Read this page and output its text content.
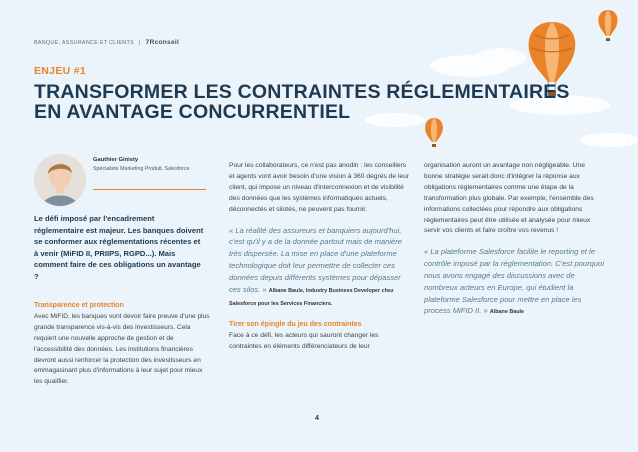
BANQUE, ASSURANCE ET CLIENTS | 7Rconseil
ENJEU #1
TRANSFORMER LES CONTRAINTES RÉGLEMENTAIRES
EN AVANTAGE CONCURRENTIEL
Gauthier Ginisty
Spécialiste Marketing Produit, Salesforce
Le défi imposé par l'encadrement réglementaire est majeur. Les banques doivent se conformer aux réglementations récentes et à venir (MiFID II, PRIIPS, RGPD...). Mais comment faire de ces obligations un avantage ?
Transparence et protection
Avec MiFID, les banques vont devoir faire preuve d'une plus grande transparence vis-à-vis des investisseurs. Cela requiert une nouvelle approche de gestion et de l'accessibilité des données. Les institutions financières devront aussi renforcer la protection des investisseurs en emmagasinant plus d'informations à leur sujet pour mieux les qualifier.
Pour les collaborateurs, ce n'est pas anodin : les conseillers et agents vont avoir besoin d'une vision à 360 degrés de leur client, qui impose un niveau d'interconnexion et de visibilité des données que les systèmes informatiques actuels, déconnectés et silotés, ne peuvent pas fournir.
« La réalité des assureurs et banquiers aujourd'hui, c'est qu'il y a de la donnée partout mais de manière très dispersée. La mise en place d'une plateforme technologique doit leur permettre de collecter ces données depuis différents systèmes pour dépasser ces silos. » Albane Baule, Industry Business Developer chez Salesforce pour les Services Financiers.
Tirer son épingle du jeu des contraintes
Face à ce défi, les acteurs qui sauront changer les contraintes en éléments différenciateurs de leur
organisation auront un avantage non négligeable. Une bonne stratégie serait donc d'intégrer la réponse aux obligations réglementaires comme une étape de la transformation plus globale. Par exemple, l'ensemble des informations collectées pour répondre aux obligations réglementaires peut être utilisée et analysée pour mieux servir vos clients et faire croître vos revenus !
« La plateforme Salesforce facilite le reporting et le contrôle imposé par la réglementation. C'est pourquoi nous avons engagé des discussions avec de nombreux acteurs en Europe, qui étudient la plateforme Salesforce pour mettre en place les process MiFID II. » Albane Baule
4
